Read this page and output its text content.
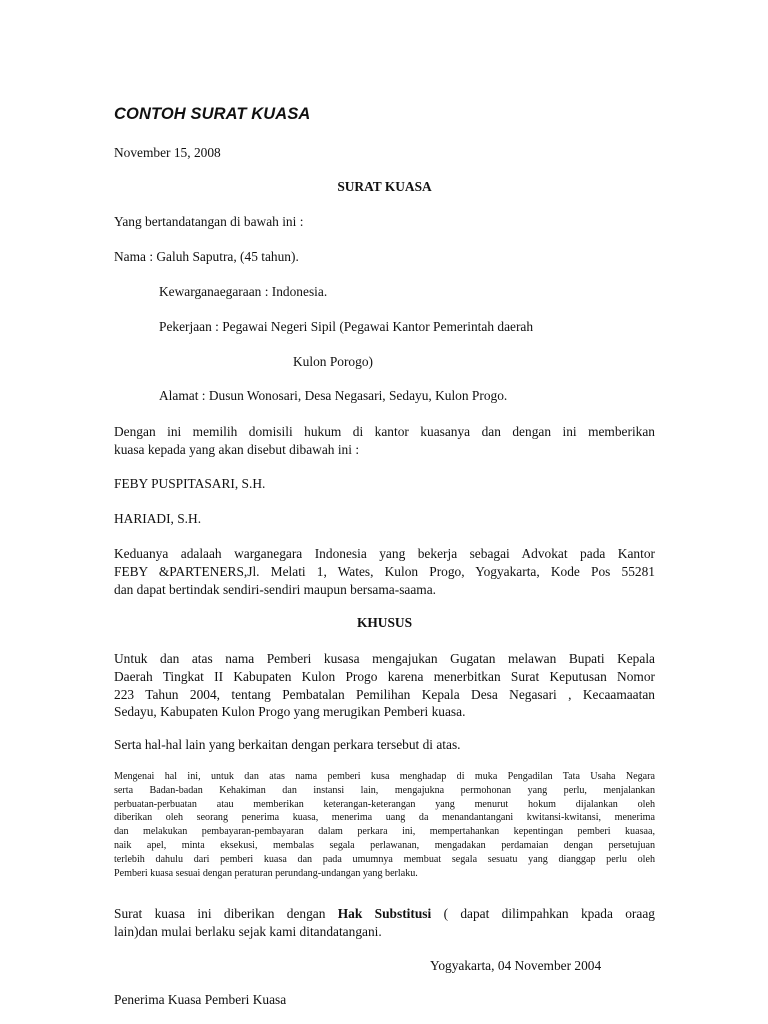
CONTOH SURAT KUASA
November 15, 2008
SURAT KUASA
Yang bertandatangan di bawah ini :
Nama : Galuh Saputra, (45 tahun).
Kewarganaegaraan : Indonesia.
Pekerjaan : Pegawai Negeri Sipil (Pegawai Kantor Pemerintah daerah
Kulon Porogo)
Alamat : Dusun Wonosari, Desa Negasari, Sedayu, Kulon Progo.
Dengan ini memilih domisili hukum di kantor kuasanya dan dengan ini memberikan
kuasa kepada yang akan disebut dibawah ini :
FEBY PUSPITASARI, S.H.
HARIADI, S.H.
Keduanya adalaah warganegara Indonesia yang bekerja sebagai Advokat pada Kantor
FEBY &PARTENERS,Jl. Melati 1, Wates, Kulon Progo, Yogyakarta, Kode Pos 55281
dan dapat bertindak sendiri-sendiri maupun bersama-saama.
KHUSUS
Untuk dan atas nama Pemberi kusasa mengajukan Gugatan melawan Bupati Kepala
Daerah Tingkat II Kabupaten Kulon Progo karena menerbitkan Surat Keputusan Nomor
223 Tahun 2004, tentang Pembatalan Pemilihan Kepala Desa Negasari , Kecaamaatan
Sedayu, Kabupaten Kulon Progo yang merugikan Pemberi kuasa.
Serta hal-hal lain yang berkaitan dengan perkara tersebut di atas.
Mengenai hal ini, untuk dan atas nama pemberi kusa menghadap di muka Pengadilan Tata Usaha Negara
serta Badan-badan Kehakiman dan instansi lain, mengajukna permohonan yang perlu, menjalankan
perbuatan-perbuatan atau memberikan keterangan-keterangan yang menurut hokum dijalankan oleh
diberikan oleh seorang penerima kuasa, menerima uang da menandantangani kwitansi-kwitansi, menerima
dan melakukan pembayaran-pembayaran dalam perkara ini, mempertahankan kepentingan pemberi kuasaa,
naik apel, minta eksekusi, membalas segala perlawanan, mengadakan perdamaian dengan persetujuan
terlebih dahulu dari pemberi kuasa dan pada umumnya membuat segala sesuatu yang dianggap perlu oleh
Pemberi kuasa sesuai dengan peraturan perundang-undangan yang berlaku.
Surat kuasa ini diberikan dengan Hak Substitusi ( dapat dilimpahkan kpada oraag
lain)dan mulai berlaku sejak kami ditandatangani.
Yogyakarta, 04 November 2004
Penerima Kuasa Pemberi Kuasa
